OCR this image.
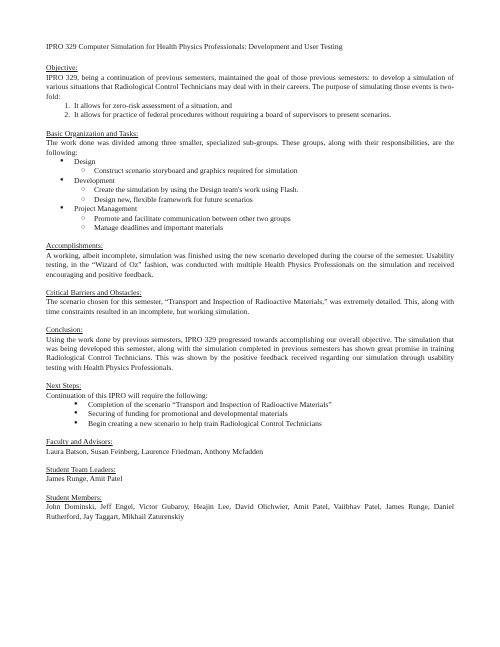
IPRO 329 Computer Simulation for Health Physics Professionals: Development and User Testing
Objective:

IPRO 329, being a continuation of previous semesters, maintained the goal of those previous semesters: to develop a simulation of various situations that Radiological Control Technicians may deal with in their careers. The purpose of simulating those events is two-fold:

1. It allows for zero-risk assessment of a situation, and
2. It allows for practice of federal procedures without requiring a board of supervisors to present scenarios.
Basic Organization and Tasks:

The work done was divided among three smaller, specialized sub-groups. These groups, along with their responsibilities, are the following:

● Design
○ Construct scenario storyboard and graphics required for simulation
● Development
○ Create the simulation by using the Design team's work using Flash.
○ Design new, flexible framework for future scenarios
● Project Management
○ Promote and facilitate communication between other two groups
○ Manage deadlines and important materials
Accomplishments:

A working, albeit incomplete, simulation was finished using the new scenario developed during the course of the semester. Usability testing, in the “Wizard of Oz” fashion, was conducted with multiple Health Physics Professionals on the simulation and received encouraging and positive feedback.

Critical Barriers and Obstacles:

The scenario chosen for this semester, “Transport and Inspection of Radioactive Materials,” was extremely detailed. This, along with time constraints resulted in an incomplete, but working simulation.

Conclusion:

Using the work done by previous semesters, IPRO 329 progressed towards accomplishing our overall objective. The simulation that was being developed this semester, along with the simulation completed in previous semesters has shown great promise in training Radiological Control Technicians. This was shown by the positive feedback received regarding our simulation through usability testing with Health Physics Professionals.

Next Steps:

Continuation of this IPRO will require the following:

● Completion of the scenario “Transport and Inspection of Radioactive Materials”
● Securing of funding for promotional and developmental materials
● Begin creating a new scenario to help train Radiological Control Technicians
Faculty and Advisors:

Laura Batson, Susan Feinberg, Laurence Friedman, Anthony Mcfadden

Student Team Leaders:

James Runge, Amit Patel

Student Members:

John Dominski, Jeff Engel, Victor Gubaroy, Heajin Lee, David Olichwier, Amit Patel, Vaiibhav Patel, James Runge, Daniel Rutherford, Jay Taggart, Mikhail Zaturenskiy
